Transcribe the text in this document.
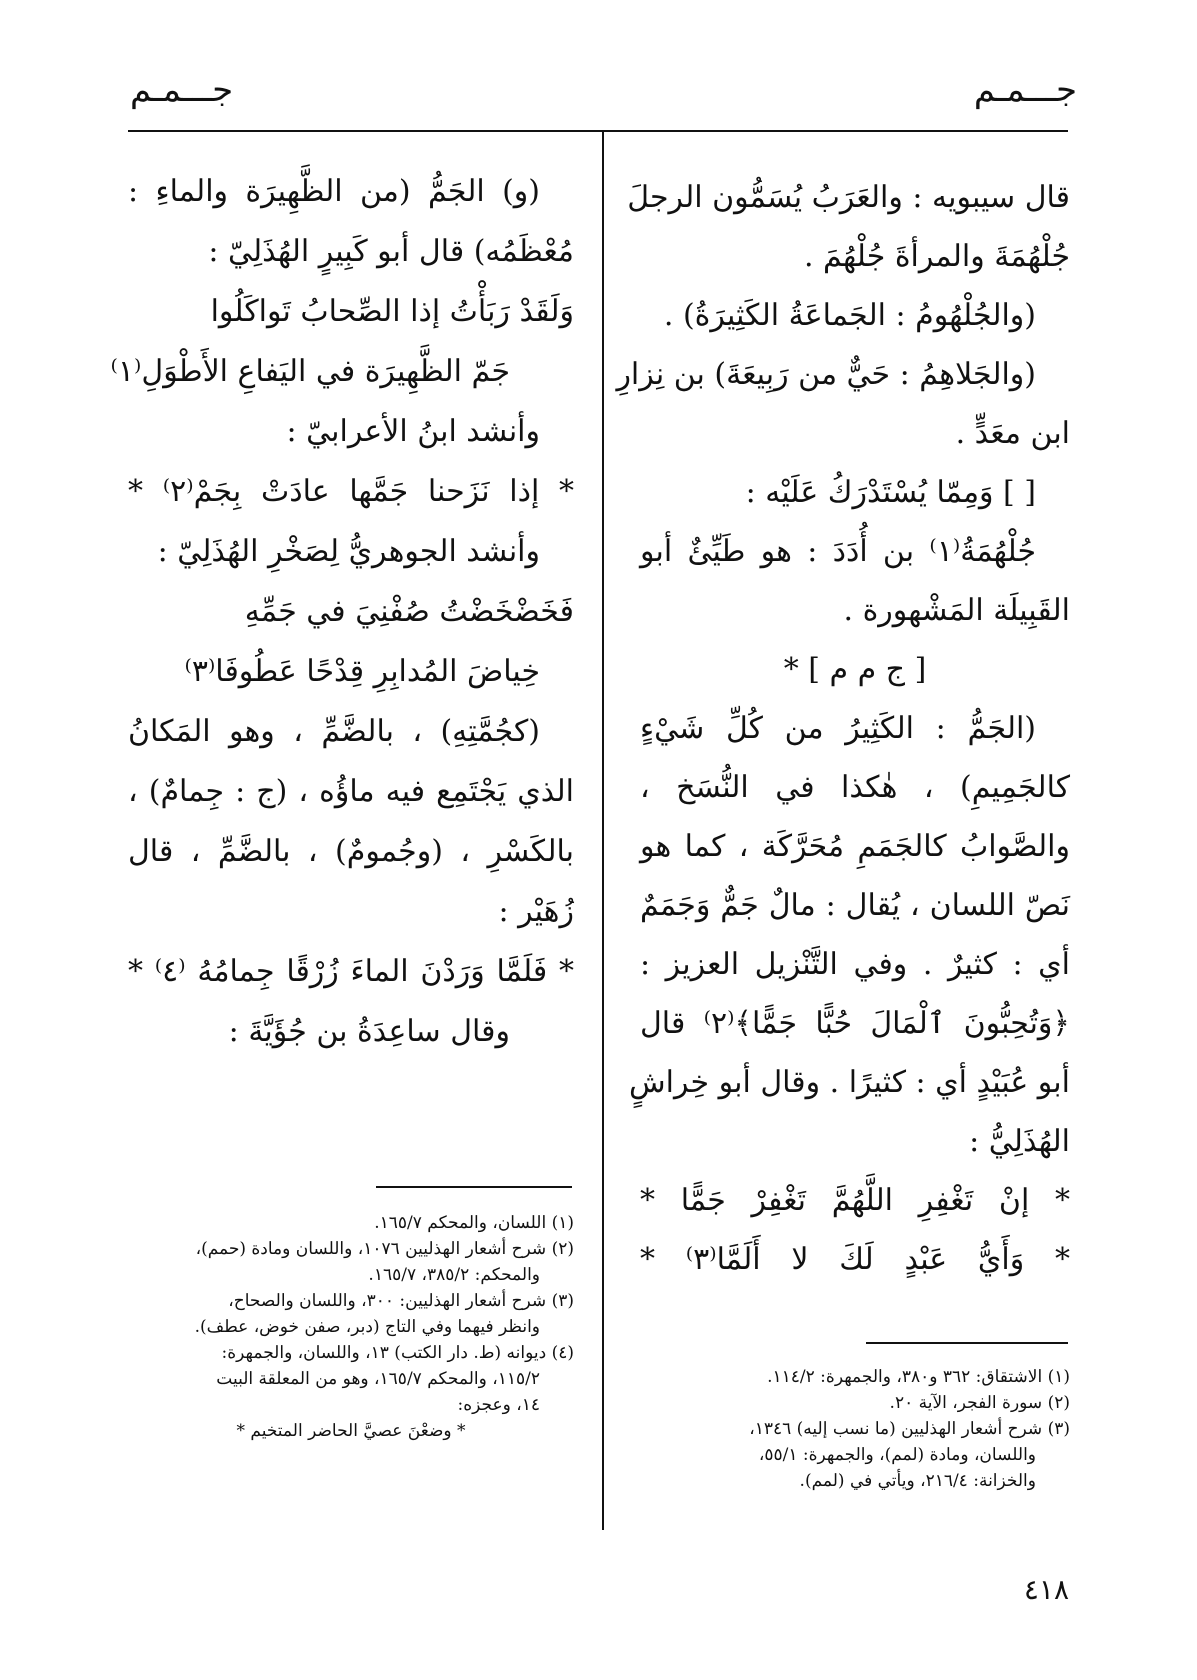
جـــمـم
جـــمـم
قال سيبويه : والعَرَبُ يُسَمُّون الرجلَ
جُلْهُمَةَ والمرأةَ جُلْهُمَ .
(والجُلْهُومُ : الجَماعَةُ الكَثِيرَةُ) .
(والجَلاهِمُ : حَيٌّ من رَبِيعَةَ) بن نِزارِ
ابن معَدٍّ .
[ ] وَمِمّا يُسْتَدْرَكُ عَلَيْه :
جُلْهُمَةُ⁽١⁾ بن أُدَدَ : هو طَيِّئٌ أبو
القَبِيلَة المَشْهورة .
[ ج م م ] *
(الجَمُّ : الكَثِيرُ من كُلِّ شَيْءٍ
كالجَمِيمِ) ، هٰكذا في النُّسَخ ،
والصَّوابُ كالجَمَمِ مُحَرَّكَة ، كما هو
نَصّ اللسان ، يُقال : مالٌ جَمٌّ وَجَمَمٌ
أي : كثيرٌ . وفي التَّنْزيل العزيز :
﴿وَتُحِبُّونَ ٱلْمَالَ حُبًّا جَمًّا﴾⁽٢⁾ قال
أبو عُبَيْدٍ أي : كثيرًا . وقال أبو خِراشٍ
الهُذَلِيُّ :
* إنْ تَغْفِرِ اللَّهُمَّ تَغْفِرْ جَمًّا *
* وَأَيُّ عَبْدٍ لَكَ لا أَلَمَّا⁽٣⁾ *
(١) الاشتقاق: ٣٦٢ و٣٨٠، والجمهرة: ١١٤/٢.
(٢) سورة الفجر، الآية ٢٠.
(٣) شرح أشعار الهذليين (ما نسب إليه) ١٣٤٦،
واللسان، ومادة (لمم)، والجمهرة: ٥٥/١،
والخزانة: ٢١٦/٤، ويأتي في (لمم).
(و) الجَمُّ (من الظَّهِيرَة والماءِ :
مُعْظَمُه) قال أبو كَبِيرٍ الهُذَلِيّ :
وَلَقَدْ رَبَأْتُ إذا الصِّحابُ تَواكَلُوا
جَمّ الظَّهِيرَة في اليَفاعِ الأَطْوَلِ⁽١⁾
وأنشد ابنُ الأعرابيّ :
* إذا نَزَحنا جَمَّها عادَتْ بِجَمْ⁽٢⁾ *
وأنشد الجوهريُّ لِصَخْرِ الهُذَلِيّ :
فَخَضْخَضْتُ صُفْنِيَ في جَمِّهِ
خِياضَ المُدابِرِ قِدْحًا عَطُوفَا⁽٣⁾
(كجُمَّتِهِ) ، بالضَّمِّ ، وهو المَكانُ
الذي يَجْتَمِع فيه ماؤُه ، (ج : جِمامٌ) ،
بالكَسْرِ ، (وجُمومٌ) ، بالضَّمِّ ، قال
زُهَيْر :
* فَلَمَّا وَرَدْنَ الماءَ زُرْقًا جِمامُهُ ⁽٤⁾ *
وقال ساعِدَةُ بن جُؤَيَّةَ :
(١) اللسان، والمحكم ١٦٥/٧.
(٢) شرح أشعار الهذليين ١٠٧٦، واللسان ومادة (حمم)،
والمحكم: ٣٨٥/٢، ١٦٥/٧.
(٣) شرح أشعار الهذليين: ٣٠٠، واللسان والصحاح،
وانظر فيهما وفي التاج (دبر، صفن خوض، عطف).
(٤) ديوانه (ط. دار الكتب) ١٣، واللسان، والجمهرة:
١١٥/٢، والمحكم ١٦٥/٧، وهو من المعلقة البيت
١٤، وعجزه:
* وضعْنَ عصيَّ الحاضر المتخيم *
٤١٨
